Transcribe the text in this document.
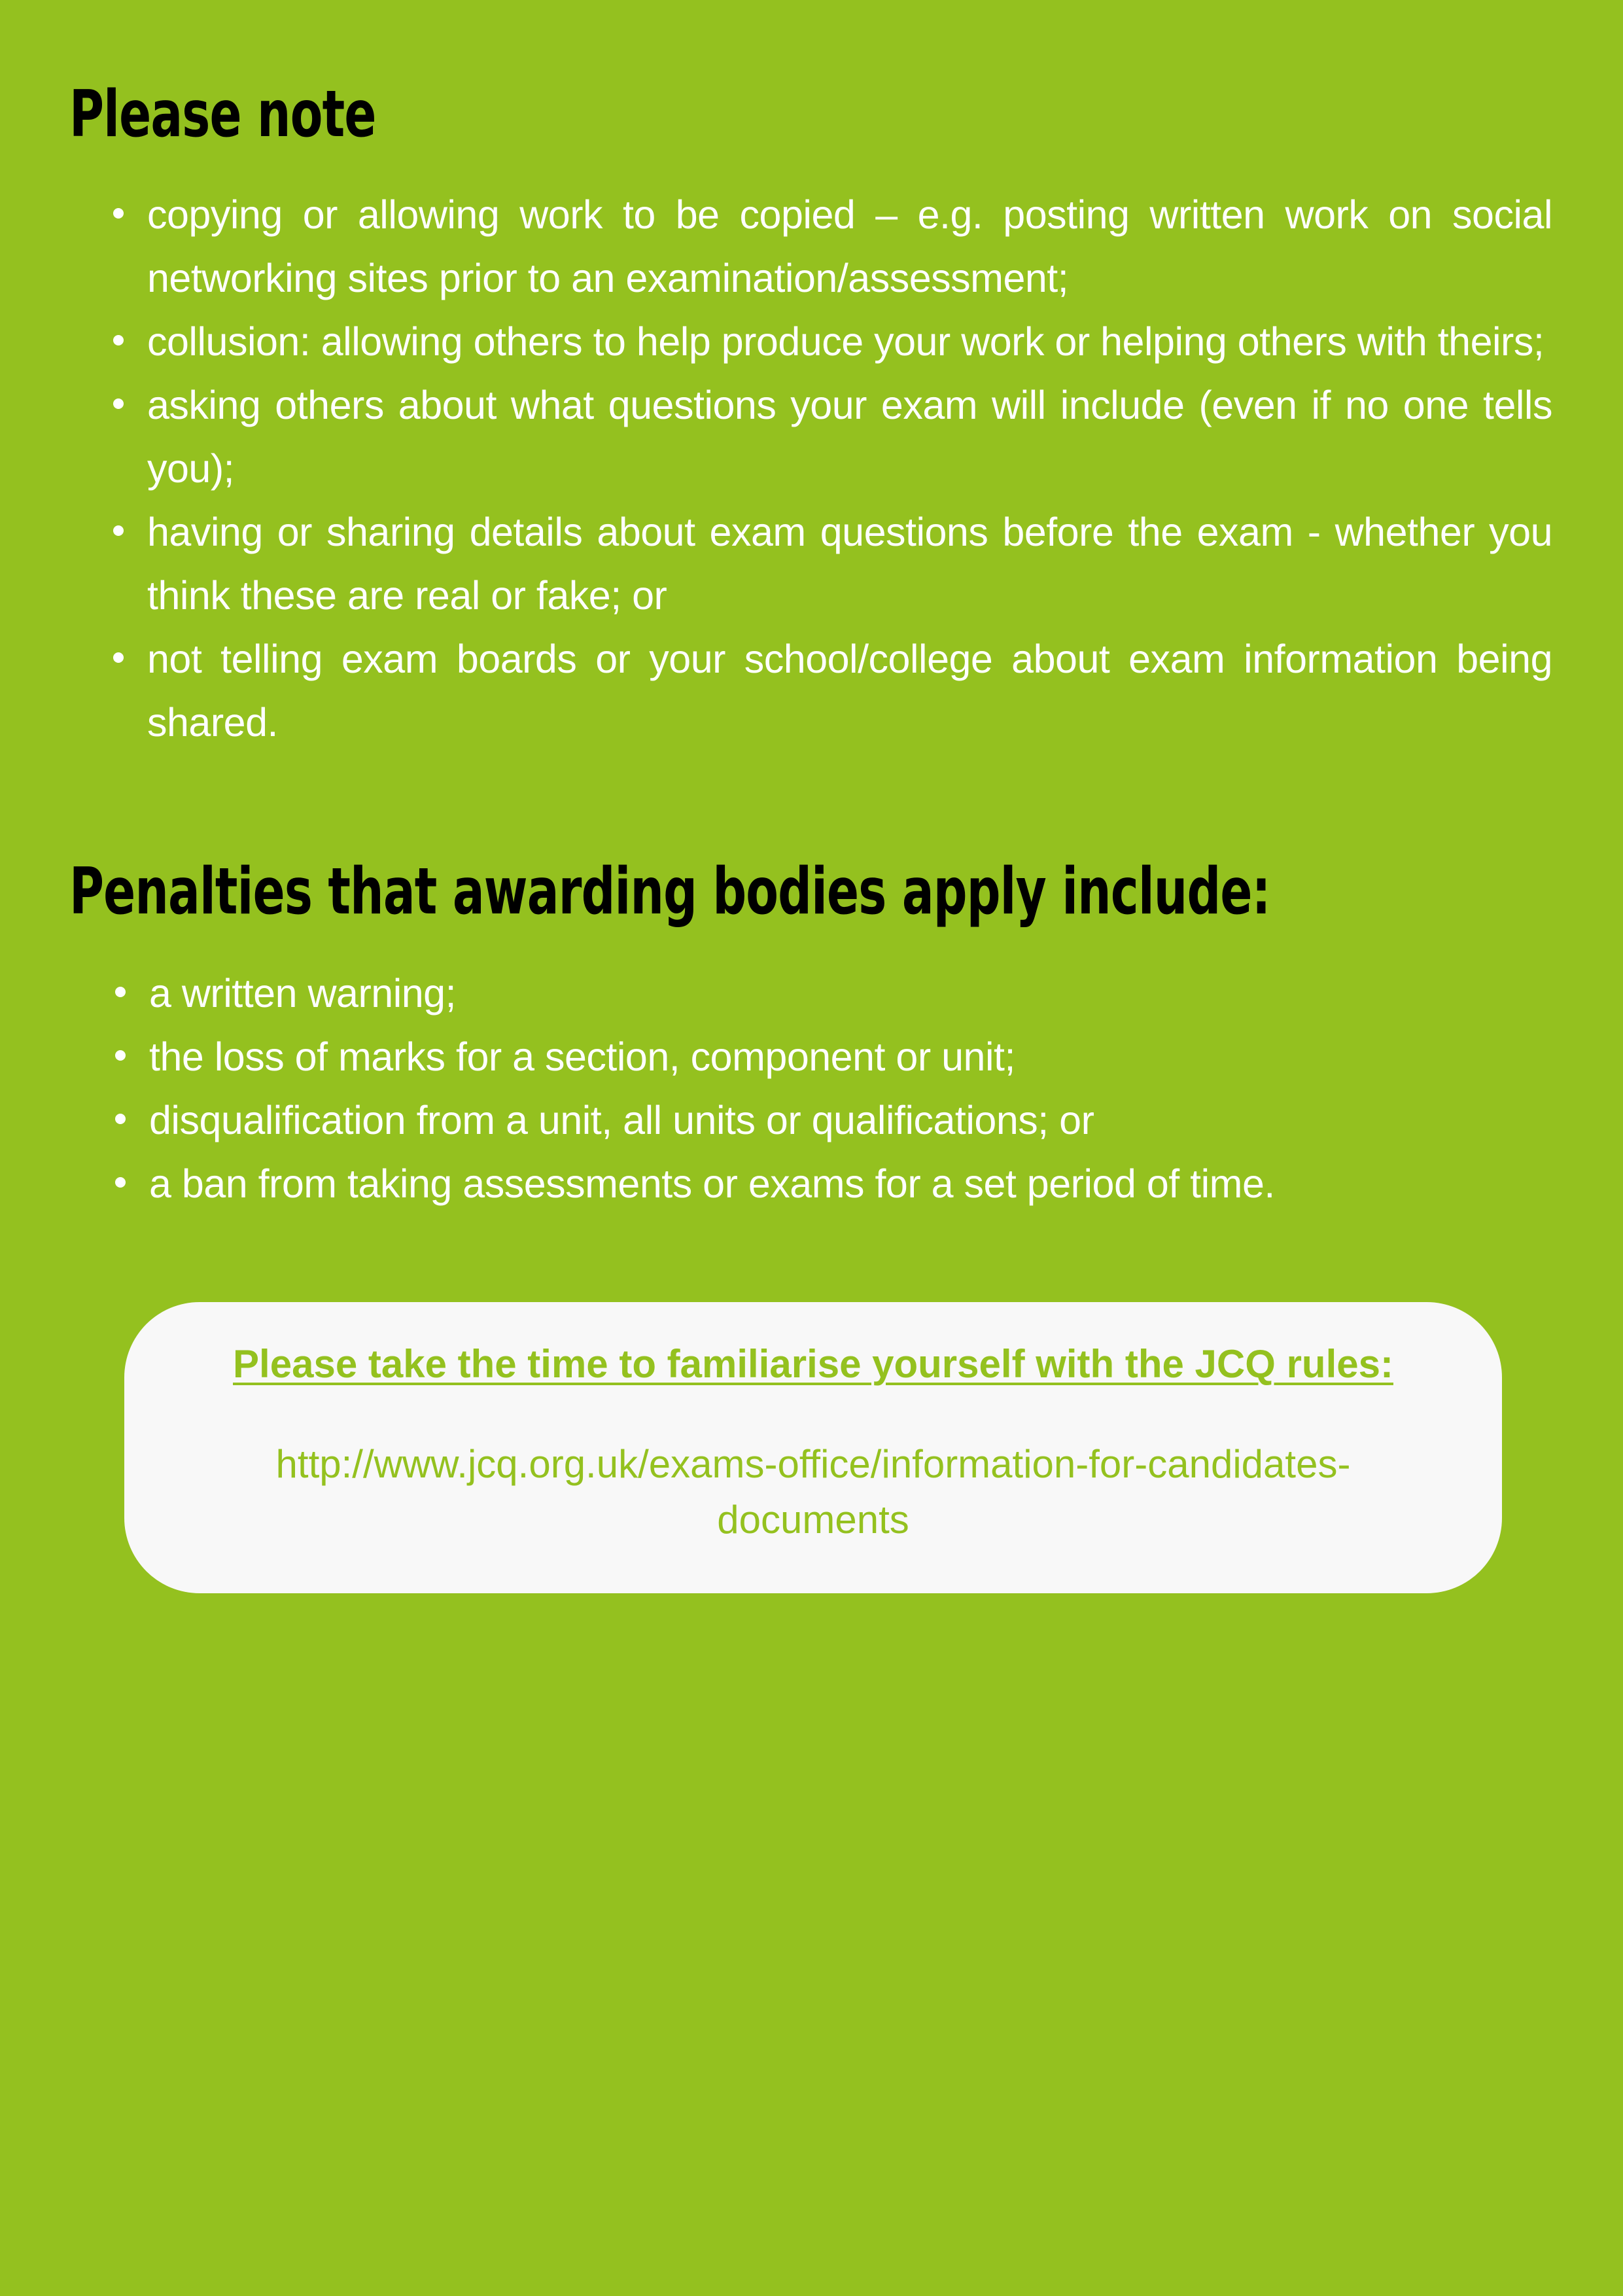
Please note
copying or allowing work to be copied – e.g. posting written work on social networking sites prior to an examination/assessment;
collusion: allowing others to help produce your work or helping others with theirs;
asking others about what questions your exam will include (even if no one tells you);
having or sharing details about exam questions before the exam - whether you think these are real or fake; or
not telling exam boards or your school/college about exam information being shared.
Penalties that awarding bodies apply include:
a written warning;
the loss of marks for a section, component or unit;
disqualification from a unit, all units or qualifications; or
a ban from taking assessments or exams for a set period of time.

Please take the time to familiarise yourself with the JCQ rules:

http://www.jcq.org.uk/exams-office/information-for-candidates-
documents
